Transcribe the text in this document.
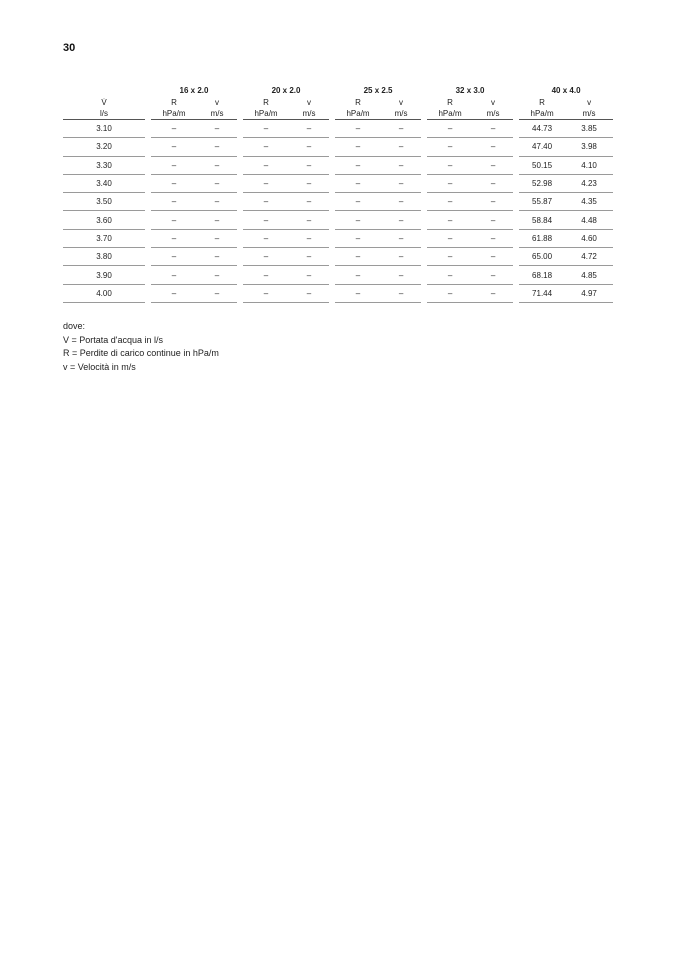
30
		16 x 2.0			20 x 2.0			25 x 2.5			32 x 3.0			40 x 4.0	
V̇		R	v		R	v		R	v		R	v		R	v
l/s		hPa/m	m/s		hPa/m	m/s		hPa/m	m/s		hPa/m	m/s		hPa/m	m/s
3.10		–	–		–	–		–	–		–	–		44.73	3.85
3.20		–	–		–	–		–	–		–	–		47.40	3.98
3.30		–	–		–	–		–	–		–	–		50.15	4.10
3.40		–	–		–	–		–	–		–	–		52.98	4.23
3.50		–	–		–	–		–	–		–	–		55.87	4.35
3.60		–	–		–	–		–	–		–	–		58.84	4.48
3.70		–	–		–	–		–	–		–	–		61.88	4.60
3.80		–	–		–	–		–	–		–	–		65.00	4.72
3.90		–	–		–	–		–	–		–	–		68.18	4.85
4.00		–	–		–	–		–	–		–	–		71.44	4.97
dove:
V = Portata d'acqua in l/s
R = Perdite di carico continue in hPa/m
v = Velocità in m/s
